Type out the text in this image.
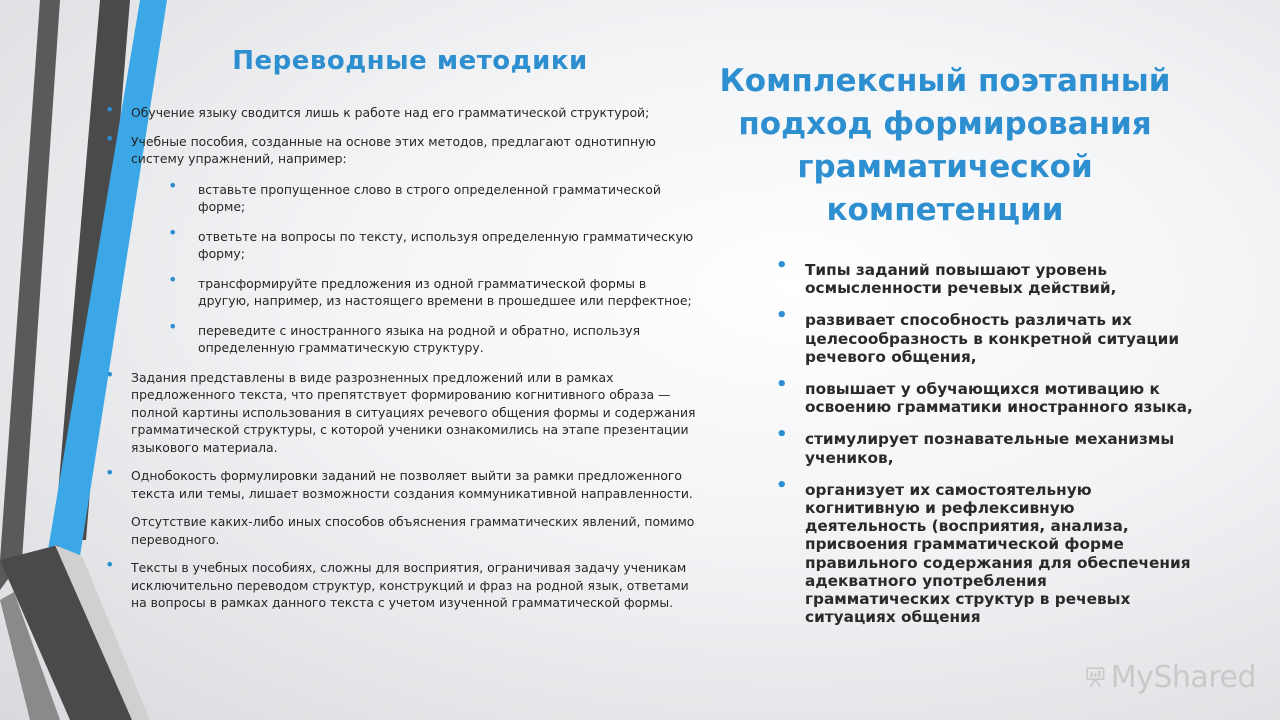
Переводные методики
• Обучение языку сводится лишь к работе над его грамматической структурой;
• Учебные пособия, созданные на основе этих методов, предлагают однотипную систему упражнений, например:
• вставьте пропущенное слово в строго определенной грамматической форме;
• ответьте на вопросы по тексту, используя определенную грамматическую форму;
• трансформируйте предложения из одной грамматической формы в другую, например, из настоящего времени в прошедшее или перфектное;
• переведите с иностранного языка на родной и обратно, используя определенную грамматическую структуру.
• Задания представлены в виде разрозненных предложений или в рамках предложенного текста, что препятствует формированию когнитивного образа — полной картины использования в ситуациях речевого общения формы и содержания грамматической структуры, с которой ученики ознакомились на этапе презентации языкового материала.
• Однобокость формулировки заданий не позволяет выйти за рамки предложенного текста или темы, лишает возможности создания коммуникативной направленности.
Отсутствие каких-либо иных способов объяснения грамматических явлений, помимо переводного.
• Тексты в учебных пособиях, сложны для восприятия, ограничивая задачу ученикам исключительно переводом структур, конструкций и фраз на родной язык, ответами на вопросы в рамках данного текста с учетом изученной грамматической формы.
Комплексный поэтапный подход формирования грамматической компетенции
• Типы заданий повышают уровень осмысленности речевых действий,
• развивает способность различать их целесообразность в конкретной ситуации речевого общения,
• повышает у обучающихся мотивацию к освоению грамматики иностранного языка,
• стимулирует познавательные механизмы учеников,
• организует их самостоятельную когнитивную и рефлексивную деятельность (восприятия, анализа, присвоения грамматической форме правильного содержания для обеспечения адекватного употребления грамматических структур в речевых ситуациях общения
MyShared
